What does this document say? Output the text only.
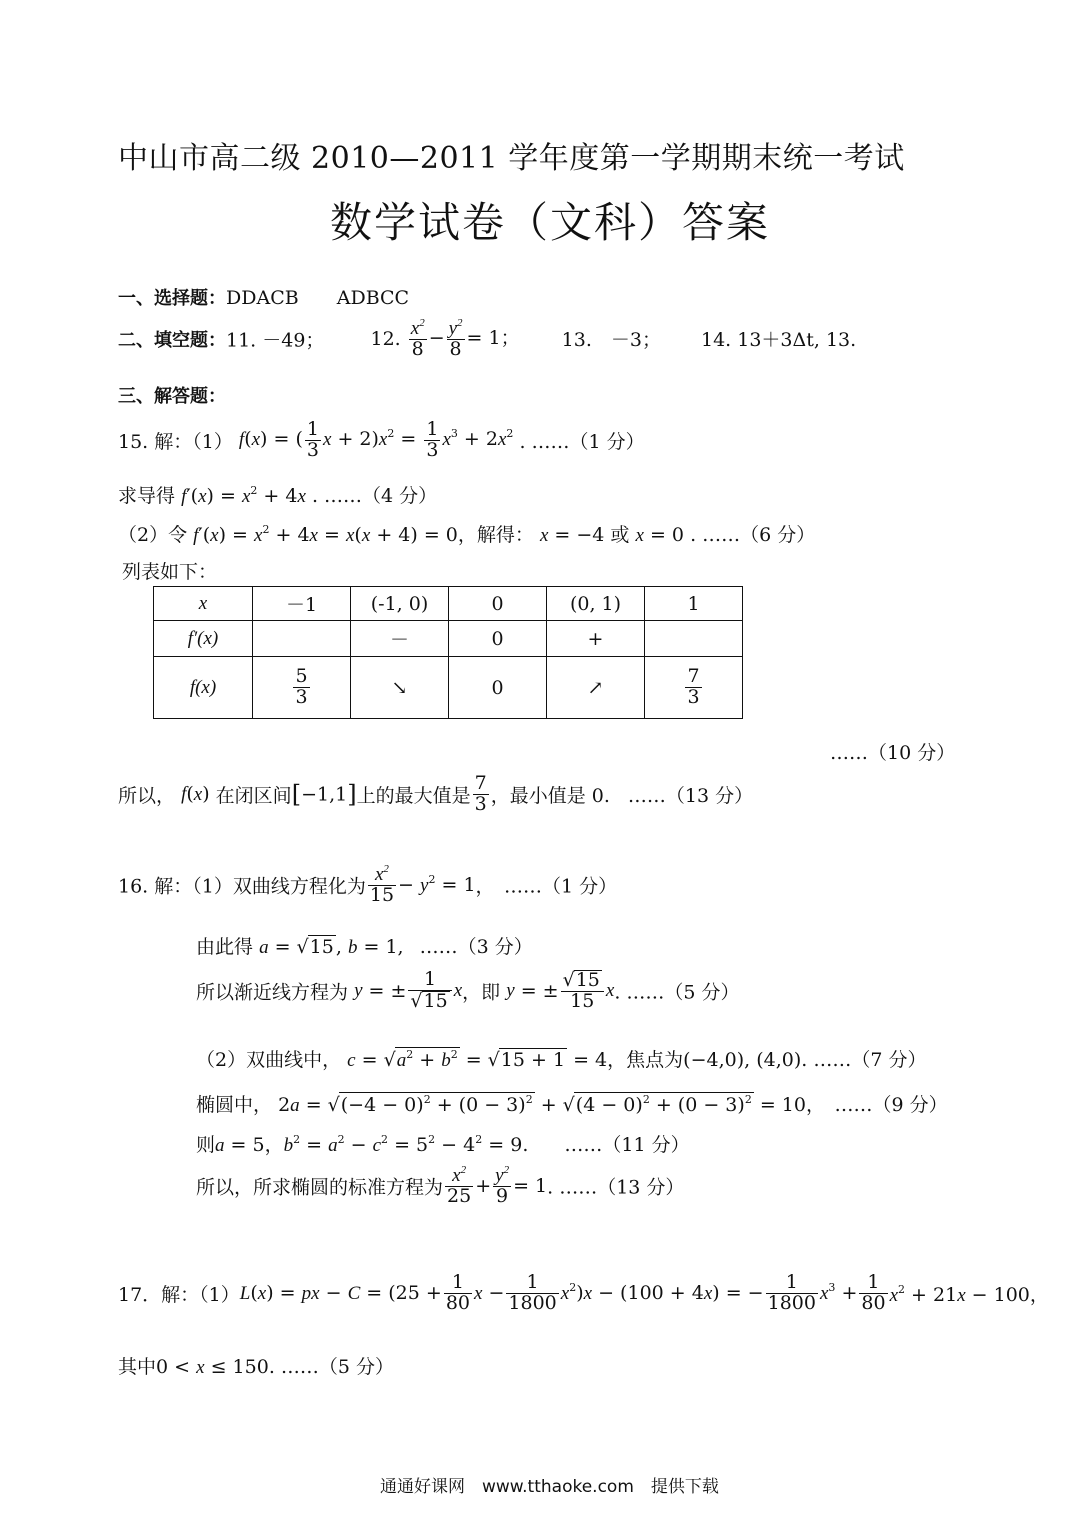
中山市高二级 2010—2011 学年度第一学期期末统一考试
数学试卷（文科）答案
一、选择题：DDACB ADBCC
二、填空题：11. －49； 12. $\frac{x^2}{8} - \frac{y^2}{8} = 1$； 13.　－3； 14. 13＋3Δt, 13.
三、解答题：
15. 解：（1） f(x) = ( $\frac{1}{3}$ $x + 2)x^2 = \frac{1}{3} x^3 + 2x^2$ . ……（1 分）
求导得 $f'(x) = x^2 + 4x$ . ……（4 分）
（2）令 $f'(x) = x^2 + 4x = x(x + 4) = 0$，解得： x = −4 或 x = 0 . ……（6 分）
列表如下：
x	－1	(-1, 0)	0	(0, 1)	1
f′(x)		－	0	+	
f(x)	$\frac{5}{3}$	↘	0	↗	$\frac{7}{3}$
……（10 分）
所以， f(x) 在闭区间[−1,1]上的最大值是 $\frac{7}{3}$ ，最小值是 0. ……（13 分）
16. 解：（1）双曲线方程化为 $\frac{x^2}{15} - y^2 = 1$，　……（1 分）
由此得 a = √15 , b = 1, ……（3 分）
所以渐近线方程为 y = ± $\frac{1}{√15}$ x，即 y = ± $\frac{√15}{15} x$. ……（5 分）
（2）双曲线中， $c = √a^2 + b^2 = √15 + 1 = 4$，焦点为(−4,0), (4,0). ……（7 分）
椭圆中， $2a = √(-4 - 0)^2 + (0 - 3)^2 + √(4 - 0)^2 + (0 - 3)^2 = 10$，　……（9 分）
则a = 5，$b^2 = a^2 - c^2 = 5^2 - 4^2 = 9$. ……（11 分）
所以，所求椭圆的标准方程为 $\frac{x^2}{25} + \frac{y^2}{9} = 1$. ……（13 分）
17．解：（1）L(x) = px − $C = (25 + \frac{1}{80}$ $x - \frac{1}{1800} x^2)x - (100 + 4x)$ = − $\frac{1}{1800} x^3 + \frac{1}{80} x^2 + 21x - 100$，
其中0 < x ≤ 150. ……（5 分）
通通好课网　www.tthaoke.com　提供下载
